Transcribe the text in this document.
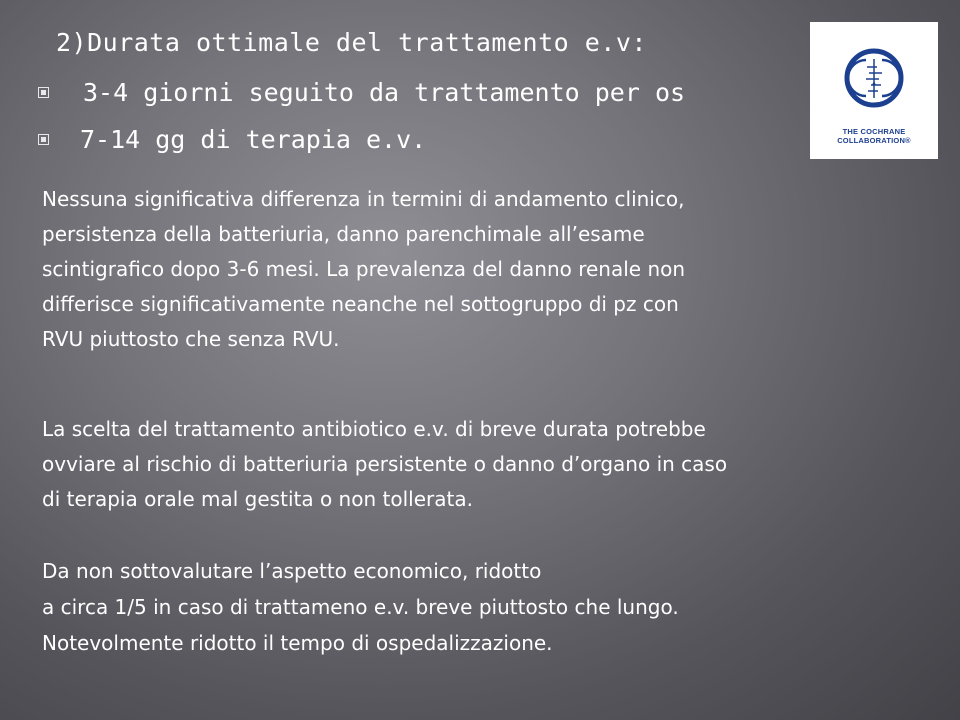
2)Durata ottimale del trattamento e.v:
3-4 giorni seguito da trattamento per os
7-14 gg di terapia e.v.
Nessuna significativa differenza in termini di andamento clinico,
persistenza della batteriuria, danno parenchimale all’esame
scintigrafico dopo 3-6 mesi. La prevalenza del danno renale non
differisce significativamente neanche nel sottogruppo di pz con
RVU piuttosto che senza RVU.
La scelta del trattamento antibiotico e.v. di breve durata potrebbe
ovviare al rischio di batteriuria persistente o danno d’organo in caso
di terapia orale mal gestita o non tollerata.
Da non sottovalutare l’aspetto economico, ridotto
a circa 1/5 in caso di trattameno e.v. breve piuttosto che lungo.
Notevolmente ridotto il tempo di ospedalizzazione.
THE COCHRANE
COLLABORATION®
